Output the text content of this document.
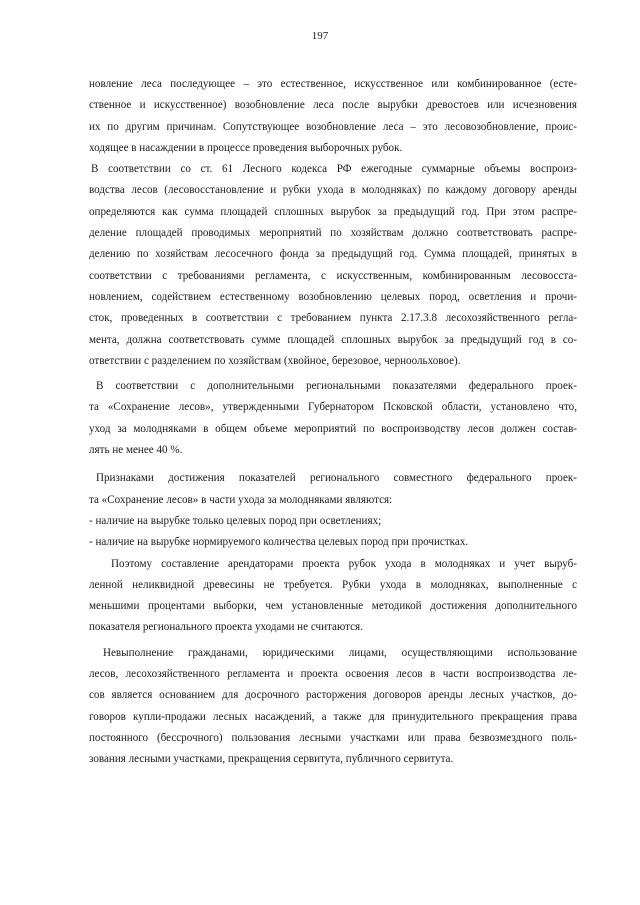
197
новление леса последующее – это естественное, искусственное или комбинированное (есте-
ственное и искусственное) возобновление леса после вырубки древостоев или исчезновения
их по другим причинам. Сопутствующее возобновление леса – это лесовозобновление, проис-
ходящее в насаждении в процессе проведения выборочных рубок.
В соответствии со ст. 61 Лесного кодекса РФ ежегодные суммарные объемы воспроиз-
водства лесов (лесовосстановление и рубки ухода в молодняках) по каждому договору аренды
определяются как сумма площадей сплошных вырубок за предыдущий год. При этом распре-
деление площадей проводимых мероприятий по хозяйствам должно соответствовать распре-
делению по хозяйствам лесосечного фонда за предыдущий год. Сумма площадей, принятых в
соответствии с требованиями регламента, с искусственным, комбинированным лесовосста-
новлением, содействием естественному возобновлению целевых пород, осветления и прочи-
сток, проведенных в соответствии с требованием пункта 2.17.3.8 лесохозяйственного регла-
мента, должна соответствовать сумме площадей сплошных вырубок за предыдущий год в со-
ответствии с разделением по хозяйствам (хвойное, березовое, черноольховое).
В соответствии с дополнительными региональными показателями федерального проек-
та «Сохранение лесов», утвержденными Губернатором Псковской области, установлено что,
уход за молодняками в общем объеме мероприятий по воспроизводству лесов должен состав-
лять не менее 40 %.
Признаками достижения показателей регионального совместного федерального проек-
та «Сохранение лесов» в части ухода за молодняками являются:
- наличие на вырубке только целевых пород при осветлениях;
- наличие на вырубке нормируемого количества целевых пород при прочистках.
Поэтому составление арендаторами проекта рубок ухода в молодняках и учет выруб-
ленной неликвидной древесины не требуется. Рубки ухода в молодняках, выполненные с
меньшими процентами выборки, чем установленные методикой достижения дополнительного
показателя регионального проекта уходами не считаются.
Невыполнение гражданами, юридическими лицами, осуществляющими использование
лесов, лесохозяйственного регламента и проекта освоения лесов в части воспроизводства ле-
сов является основанием для досрочного расторжения договоров аренды лесных участков, до-
говоров купли-продажи лесных насаждений, а также для принудительного прекращения права
постоянного (бессрочного) пользования лесными участками или права безвозмездного поль-
зования лесными участками, прекращения сервитута, публичного сервитута.
